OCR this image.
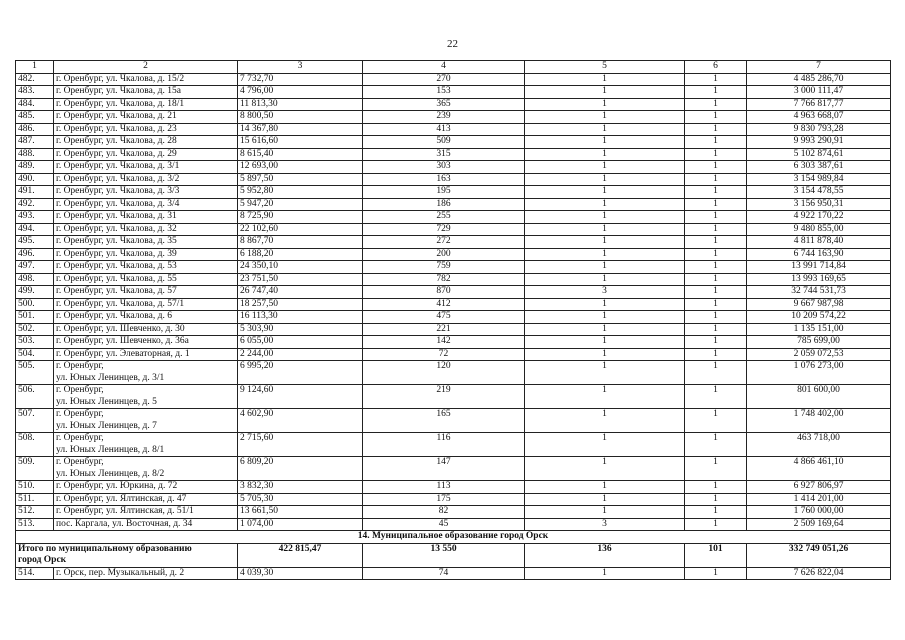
22
1	2	3	4	5	6	7
482.	г. Оренбург, ул. Чкалова, д. 15/2	7 732,70	270	1	1	4 485 286,70
483.	г. Оренбург, ул. Чкалова, д. 15а	4 796,00	153	1	1	3 000 111,47
484.	г. Оренбург, ул. Чкалова, д. 18/1	11 813,30	365	1	1	7 766 817,77
485.	г. Оренбург, ул. Чкалова, д. 21	8 800,50	239	1	1	4 963 668,07
486.	г. Оренбург, ул. Чкалова, д. 23	14 367,80	413	1	1	9 830 793,28
487.	г. Оренбург, ул. Чкалова, д. 28	15 616,60	509	1	1	9 993 290,91
488.	г. Оренбург, ул. Чкалова, д. 29	8 615,40	315	1	1	5 102 874,61
489.	г. Оренбург, ул. Чкалова, д. 3/1	12 693,00	303	1	1	6 303 387,61
490.	г. Оренбург, ул. Чкалова, д. 3/2	5 897,50	163	1	1	3 154 989,84
491.	г. Оренбург, ул. Чкалова, д. 3/3	5 952,80	195	1	1	3 154 478,55
492.	г. Оренбург, ул. Чкалова, д. 3/4	5 947,20	186	1	1	3 156 950,31
493.	г. Оренбург, ул. Чкалова, д. 31	8 725,90	255	1	1	4 922 170,22
494.	г. Оренбург, ул. Чкалова, д. 32	22 102,60	729	1	1	9 480 855,00
495.	г. Оренбург, ул. Чкалова, д. 35	8 867,70	272	1	1	4 811 878,40
496.	г. Оренбург, ул. Чкалова, д. 39	6 188,20	200	1	1	6 744 163,90
497.	г. Оренбург, ул. Чкалова, д. 53	24 350,10	759	1	1	13 991 714,84
498.	г. Оренбург, ул. Чкалова, д. 55	23 751,50	782	1	1	13 993 169,65
499.	г. Оренбург, ул. Чкалова, д. 57	26 747,40	870	3	1	32 744 531,73
500.	г. Оренбург, ул. Чкалова, д. 57/1	18 257,50	412	1	1	9 667 987,98
501.	г. Оренбург, ул. Чкалова, д. 6	16 113,30	475	1	1	10 209 574,22
502.	г. Оренбург, ул. Шевченко, д. 30	5 303,90	221	1	1	1 135 151,00
503.	г. Оренбург, ул. Шевченко, д. 36а	6 055,00	142	1	1	785 699,00
504.	г. Оренбург, ул. Элеваторная, д. 1	2 244,00	72	1	1	2 059 072,53
505.	г. Оренбург,
ул. Юных Ленинцев, д. 3/1	6 995,20	120	1	1	1 076 273,00
506.	г. Оренбург,
ул. Юных Ленинцев, д. 5	9 124,60	219	1	1	801 600,00
507.	г. Оренбург,
ул. Юных Ленинцев, д. 7	4 602,90	165	1	1	1 748 402,00
508.	г. Оренбург,
ул. Юных Ленинцев, д. 8/1	2 715,60	116	1	1	463 718,00
509.	г. Оренбург,
ул. Юных Ленинцев, д. 8/2	6 809,20	147	1	1	4 866 461,10
510.	г. Оренбург, ул. Юркина, д. 72	3 832,30	113	1	1	6 927 806,97
511.	г. Оренбург, ул. Ялтинская, д. 47	5 705,30	175	1	1	1 414 201,00
512.	г. Оренбург, ул. Ялтинская, д. 51/1	13 661,50	82	1	1	1 760 000,00
513.	пос. Каргала, ул. Восточная, д. 34	1 074,00	45	3	1	2 509 169,64
14. Муниципальное образование город Орск						

Итого по муниципальному образованию
город Орск		422 815,47	13 550	136	101	332 749 051,26
514.	г. Орск, пер. Музыкальный, д. 2	4 039,30	74	1	1	7 626 822,04
